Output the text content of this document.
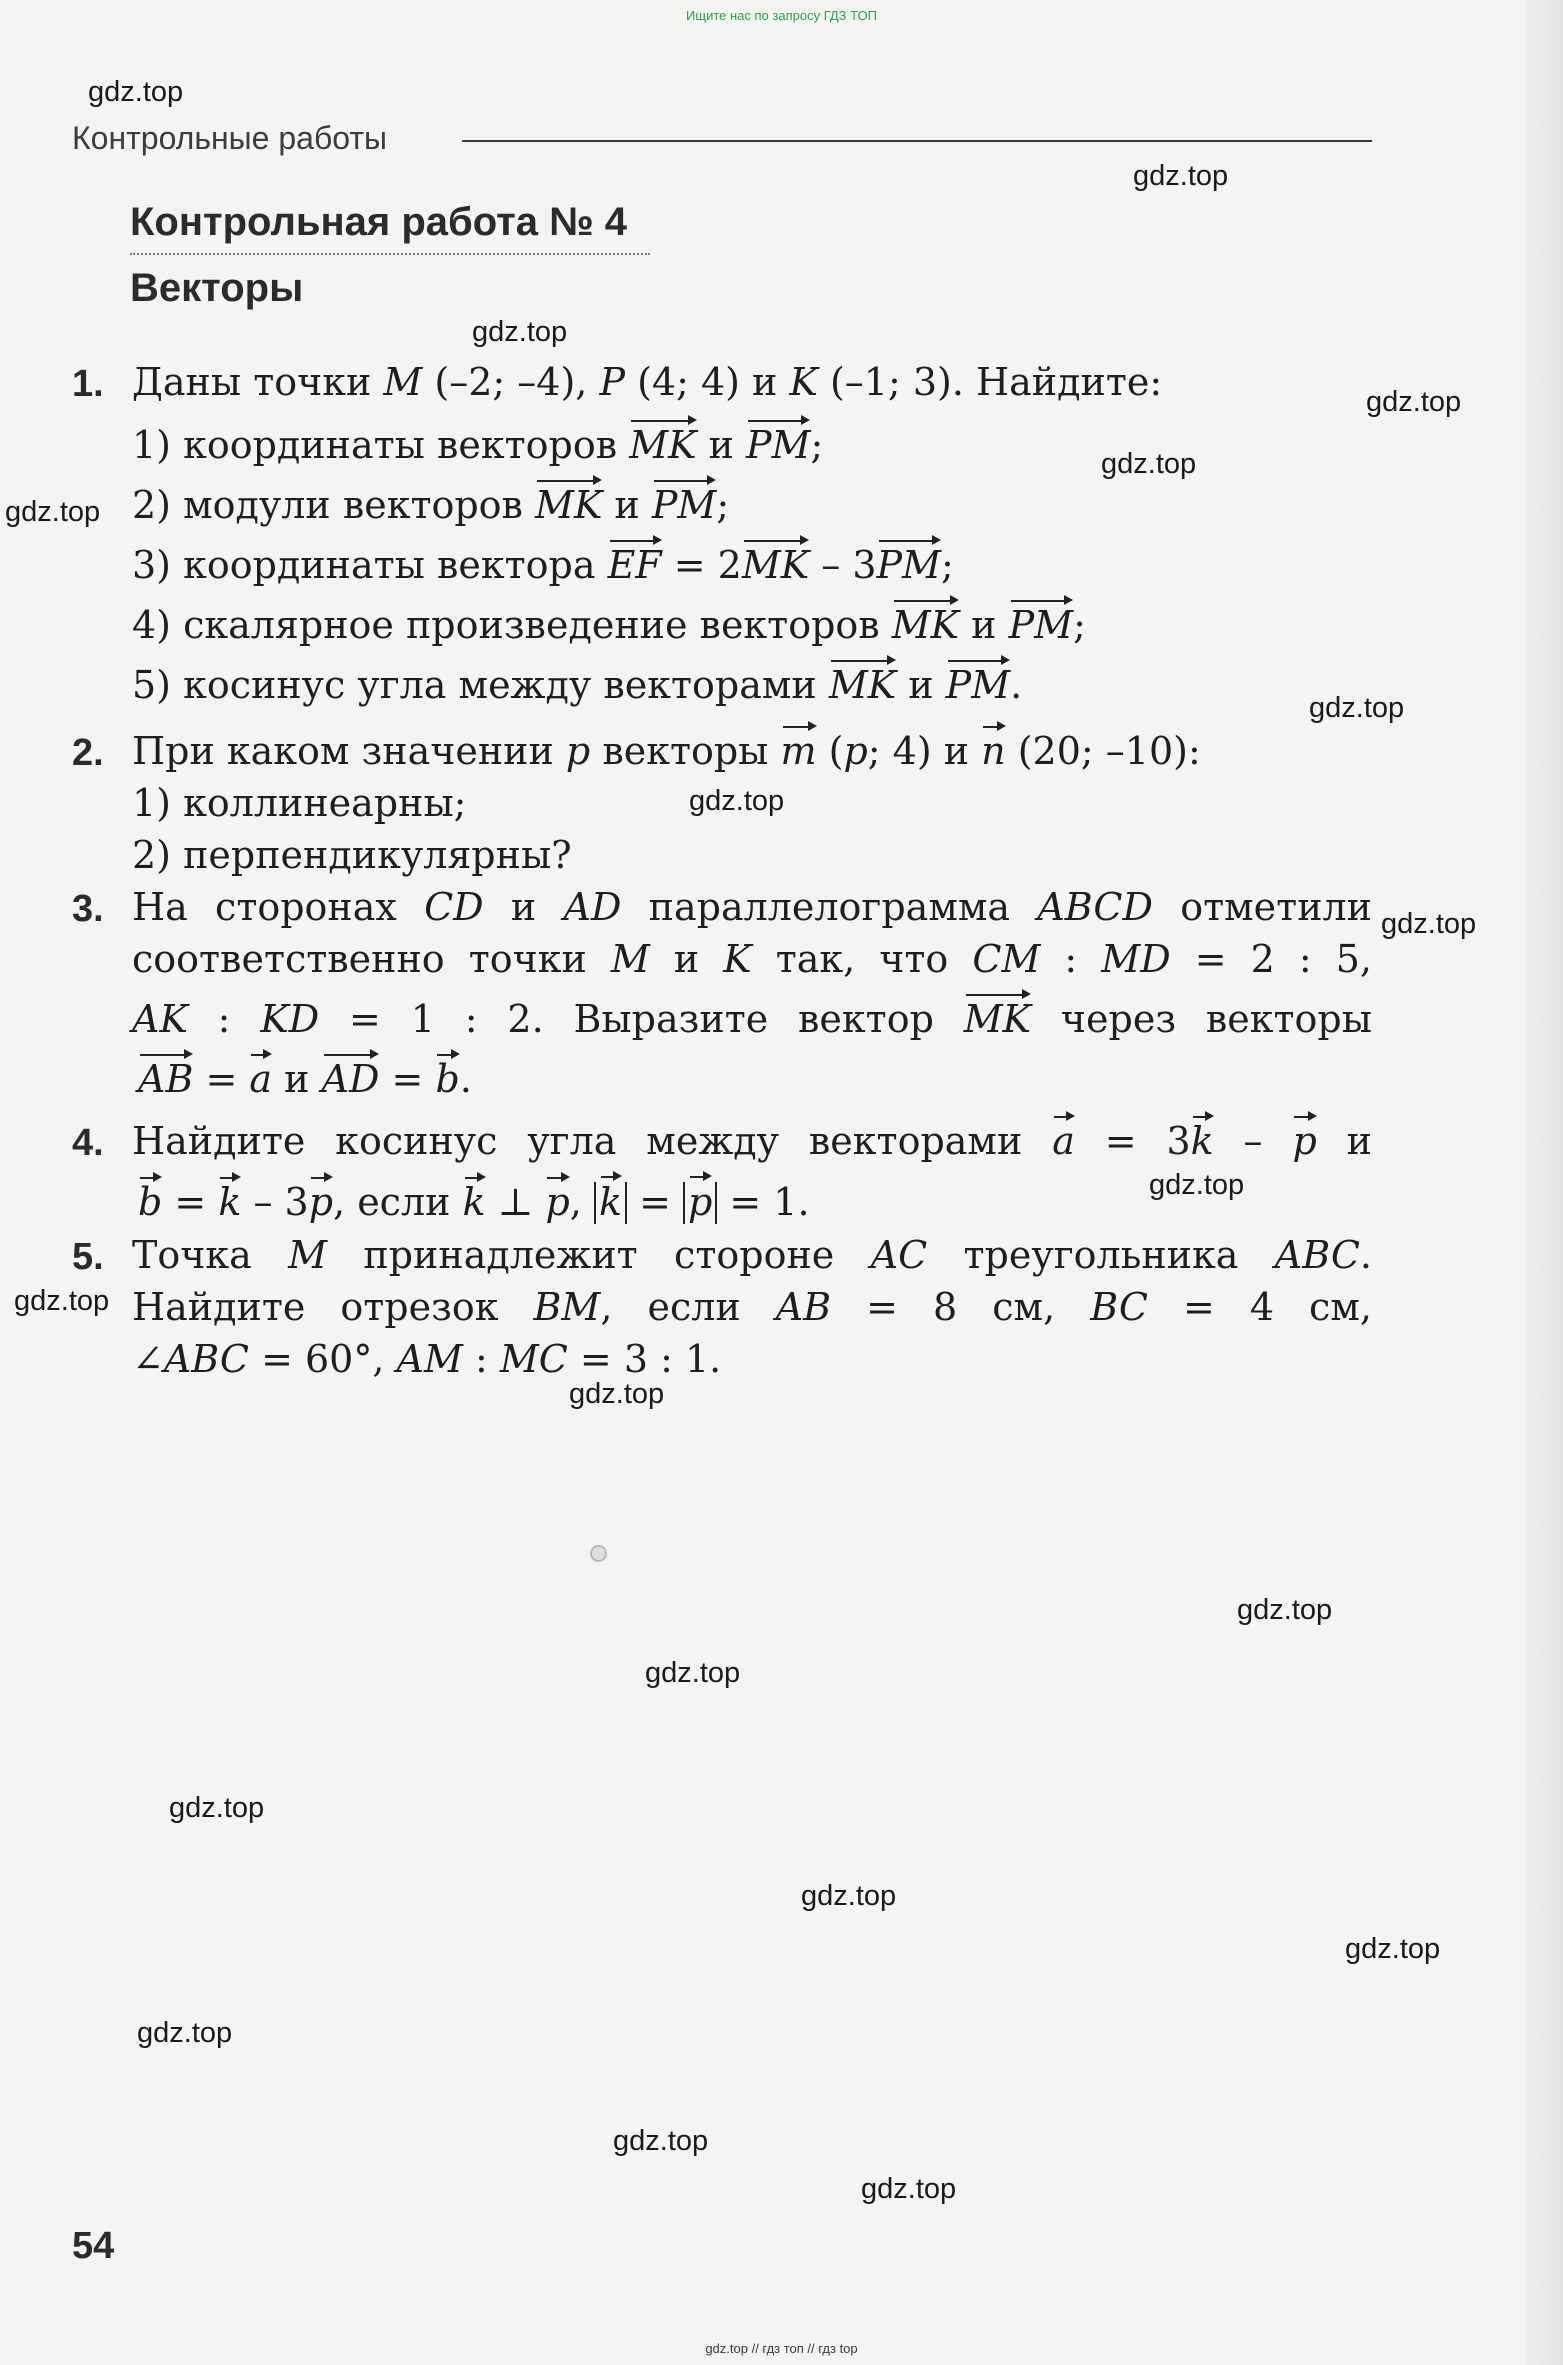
Ищите нас по запросу ГДЗ ТОП
gdz.top
gdz.top
gdz.top
gdz.top
gdz.top
gdz.top
gdz.top
gdz.top
gdz.top
gdz.top
gdz.top
gdz.top
gdz.top
gdz.top
gdz.top
gdz.top
gdz.top
gdz.top
gdz.top
gdz.top
Контрольные работы
Контрольная работа № 4
Векторы
1. Даны точки M (–2; –4), P (4; 4) и K (–1; 3). Найдите:
1) координаты векторов MK и PM;
2) модули векторов MK и PM;
3) координаты вектора EF = 2MK – 3PM;
4) скалярное произведение векторов MK и PM;
5) косинус угла между векторами MK и PM.
2. При каком значении p векторы m (p; 4) и n (20; –10):
1) коллинеарны;
2) перпендикулярны?
3. На сторонах CD и AD параллелограмма ABCD отметили
соответственно точки M и K так, что CM : MD = 2 : 5,
AK : KD = 1 : 2. Выразите вектор MK через векторы
AB = a и AD = b.
4. Найдите косинус угла между векторами a = 3k – p и
b = k – 3p, если k ⊥ p, k = p = 1.
5. Точка M принадлежит стороне AC треугольника ABC.
Найдите отрезок BM, если AB = 8 см, BC = 4 см,
∠ABC = 60°, AM : MC = 3 : 1.
54
gdz.top // гдз топ // гдз top
